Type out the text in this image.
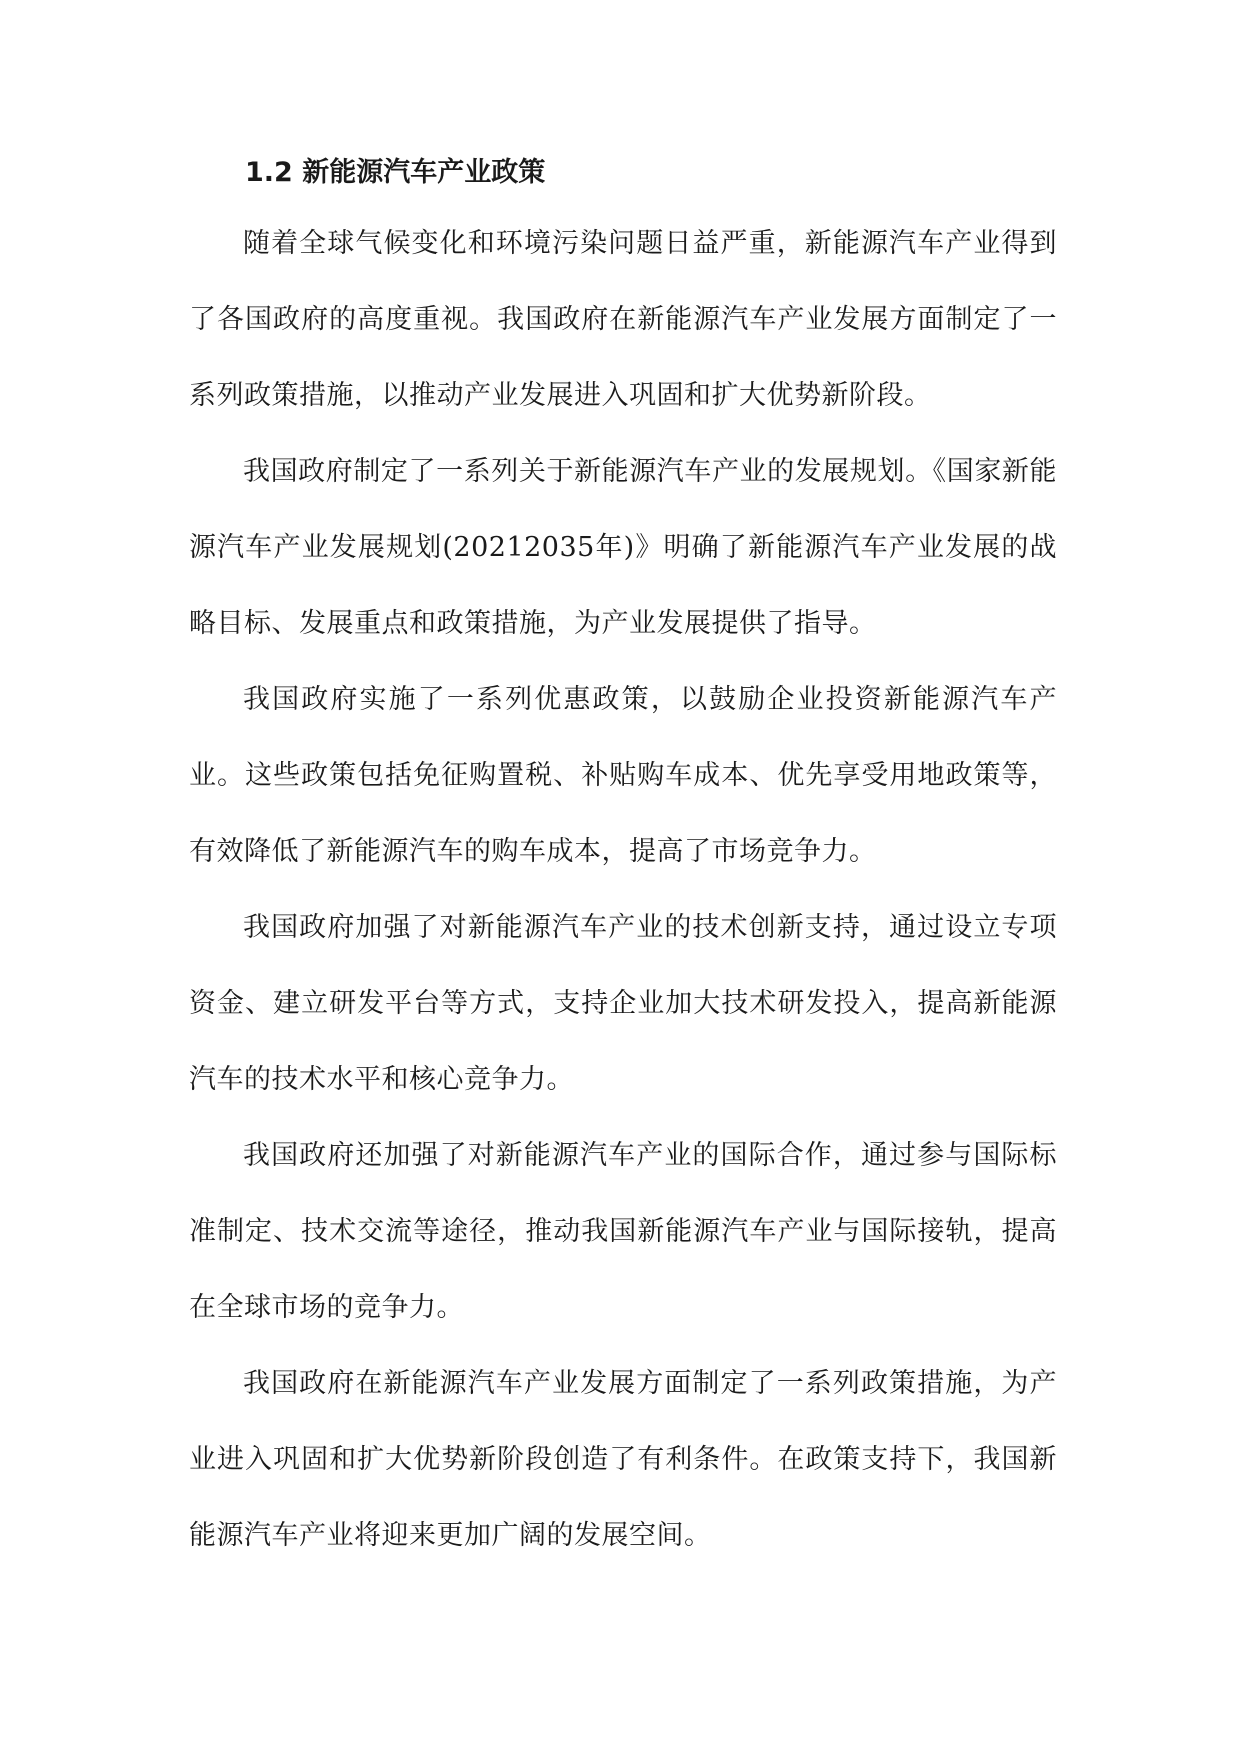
1.2 新能源汽车产业政策

随着全球气候变化和环境污染问题日益严重，新能源汽车产业得到了各国政府的高度重视。我国政府在新能源汽车产业发展方面制定了一系列政策措施，以推动产业发展进入巩固和扩大优势新阶段。

我国政府制定了一系列关于新能源汽车产业的发展规划。《国家新能源汽车产业发展规划(20212035年)》明确了新能源汽车产业发展的战略目标、发展重点和政策措施，为产业发展提供了指导。

我国政府实施了一系列优惠政策，以鼓励企业投资新能源汽车产业。这些政策包括免征购置税、补贴购车成本、优先享受用地政策等，有效降低了新能源汽车的购车成本，提高了市场竞争力。

我国政府加强了对新能源汽车产业的技术创新支持，通过设立专项资金、建立研发平台等方式，支持企业加大技术研发投入，提高新能源汽车的技术水平和核心竞争力。

我国政府还加强了对新能源汽车产业的国际合作，通过参与国际标准制定、技术交流等途径，推动我国新能源汽车产业与国际接轨，提高在全球市场的竞争力。

我国政府在新能源汽车产业发展方面制定了一系列政策措施，为产业进入巩固和扩大优势新阶段创造了有利条件。在政策支持下，我国新能源汽车产业将迎来更加广阔的发展空间。
